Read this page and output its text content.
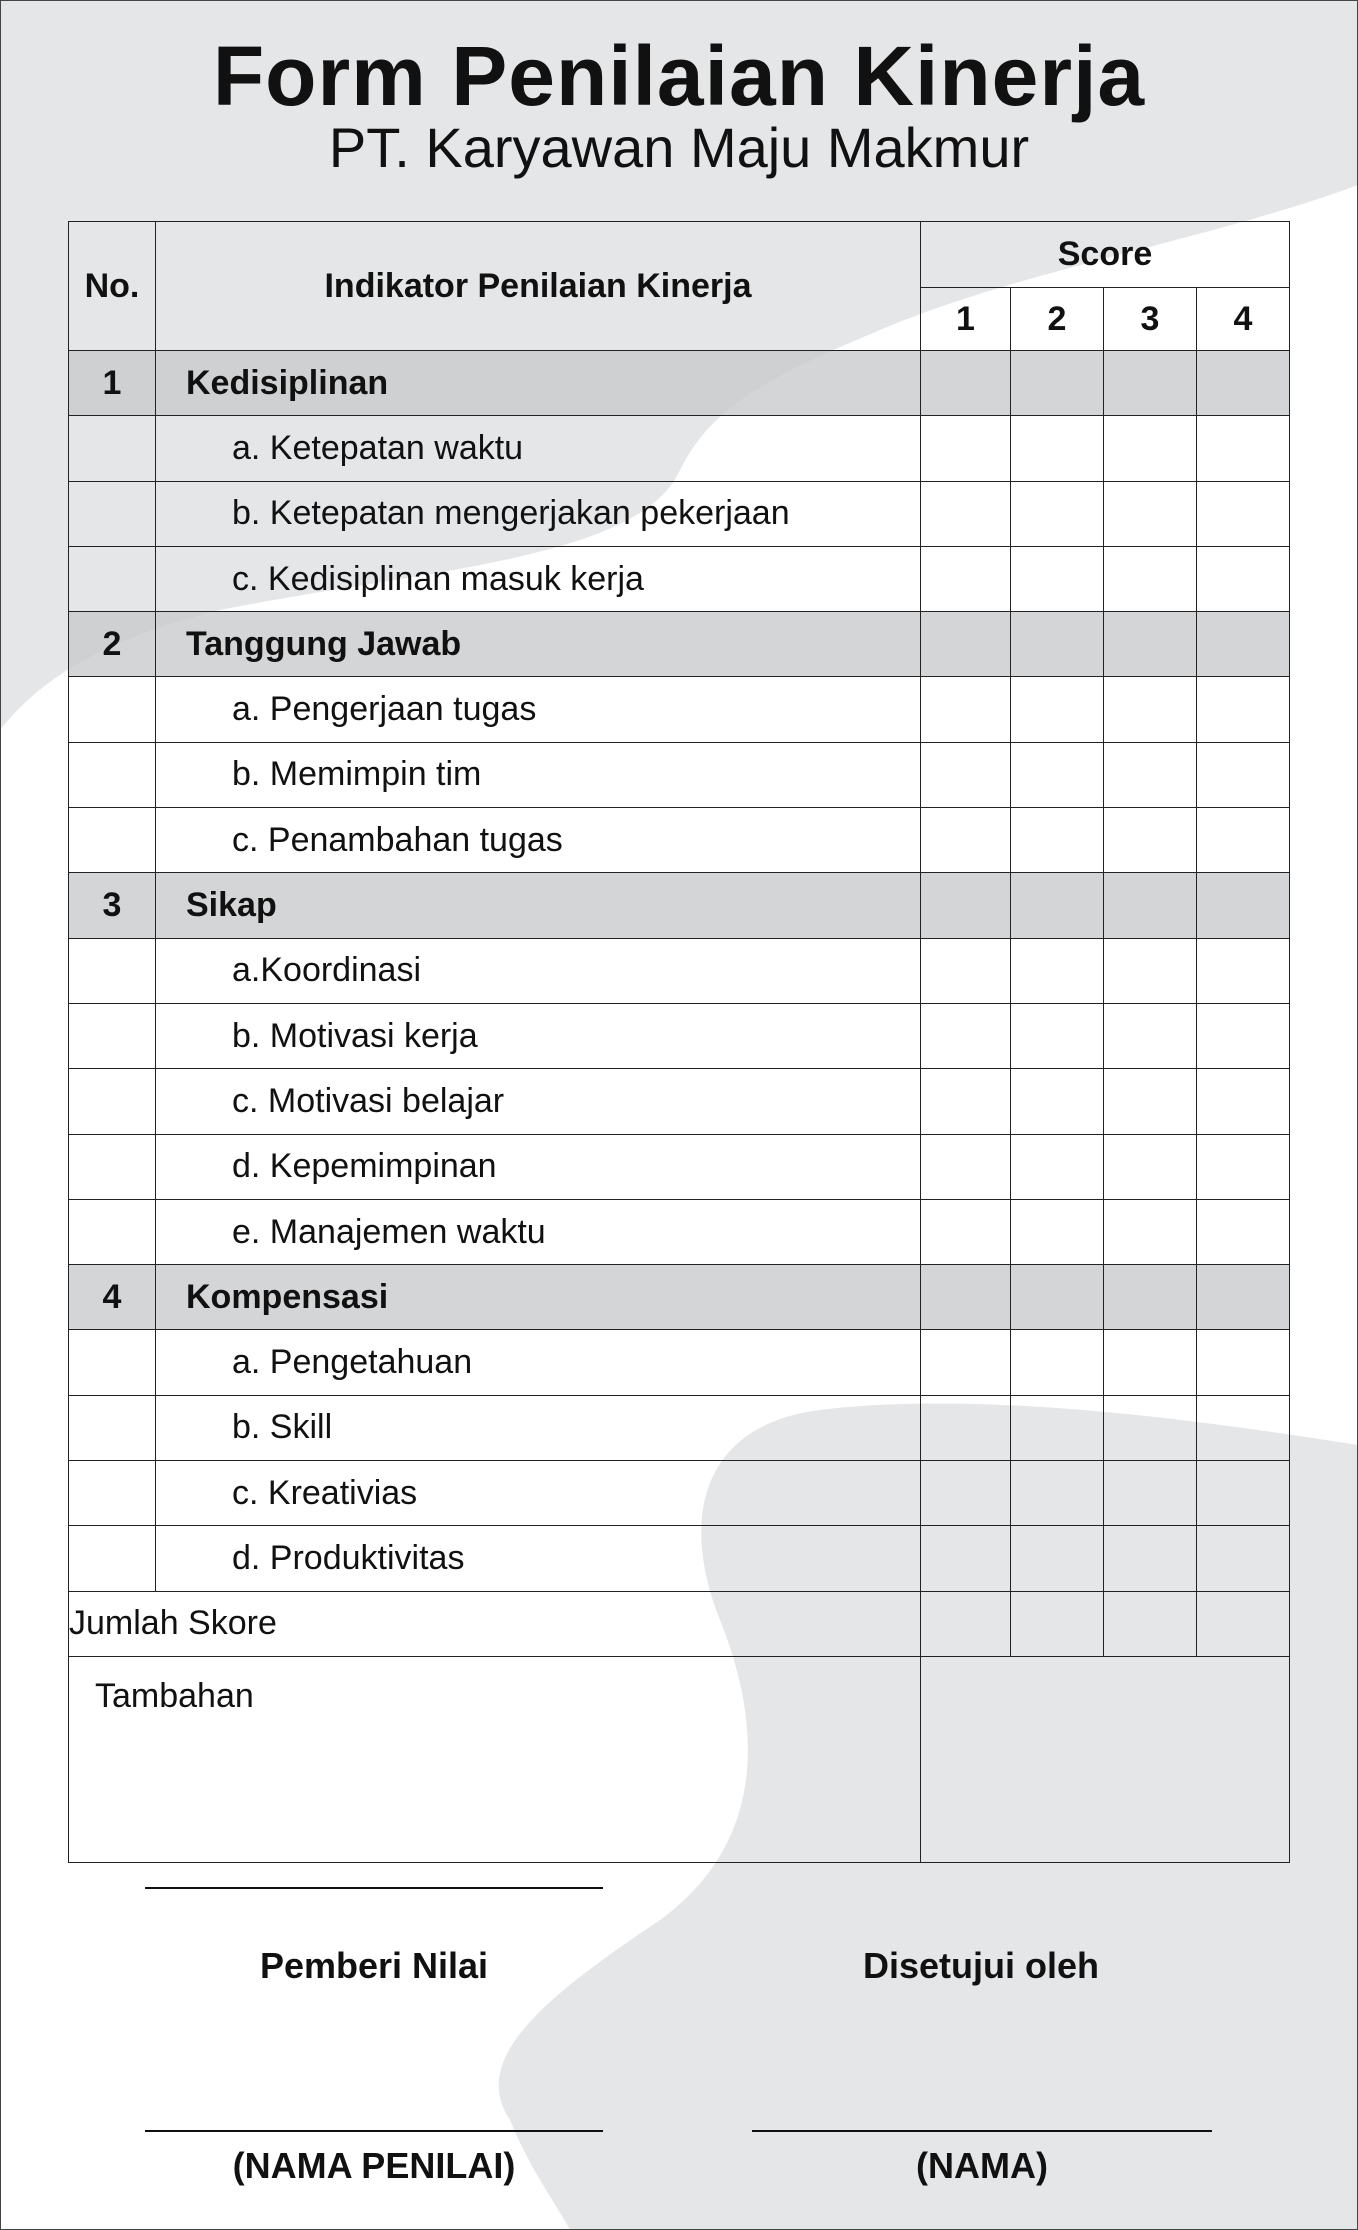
Form Penilaian Kinerja
PT. Karyawan Maju Makmur
No.	Indikator Penilaian Kinerja	Score			
		1	2	3	4
1	Kedisiplinan				
	a. Ketepatan waktu				
	b. Ketepatan mengerjakan pekerjaan				
	c. Kedisiplinan masuk kerja				
2	Tanggung Jawab				
	a. Pengerjaan tugas				
	b. Memimpin tim				
	c. Penambahan tugas				
3	Sikap				
	a.Koordinasi				
	b. Motivasi kerja				
	c. Motivasi belajar				
	d. Kepemimpinan				
	e. Manajemen waktu				
4	Kompensasi				
	a. Pengetahuan				
	b. Skill				
	c. Kreativias				
	d. Produktivitas				
Jumlah Skore					
Tambahan					
Pemberi Nilai	Disetujui oleh
(NAMA PENILAI)	(NAMA)
